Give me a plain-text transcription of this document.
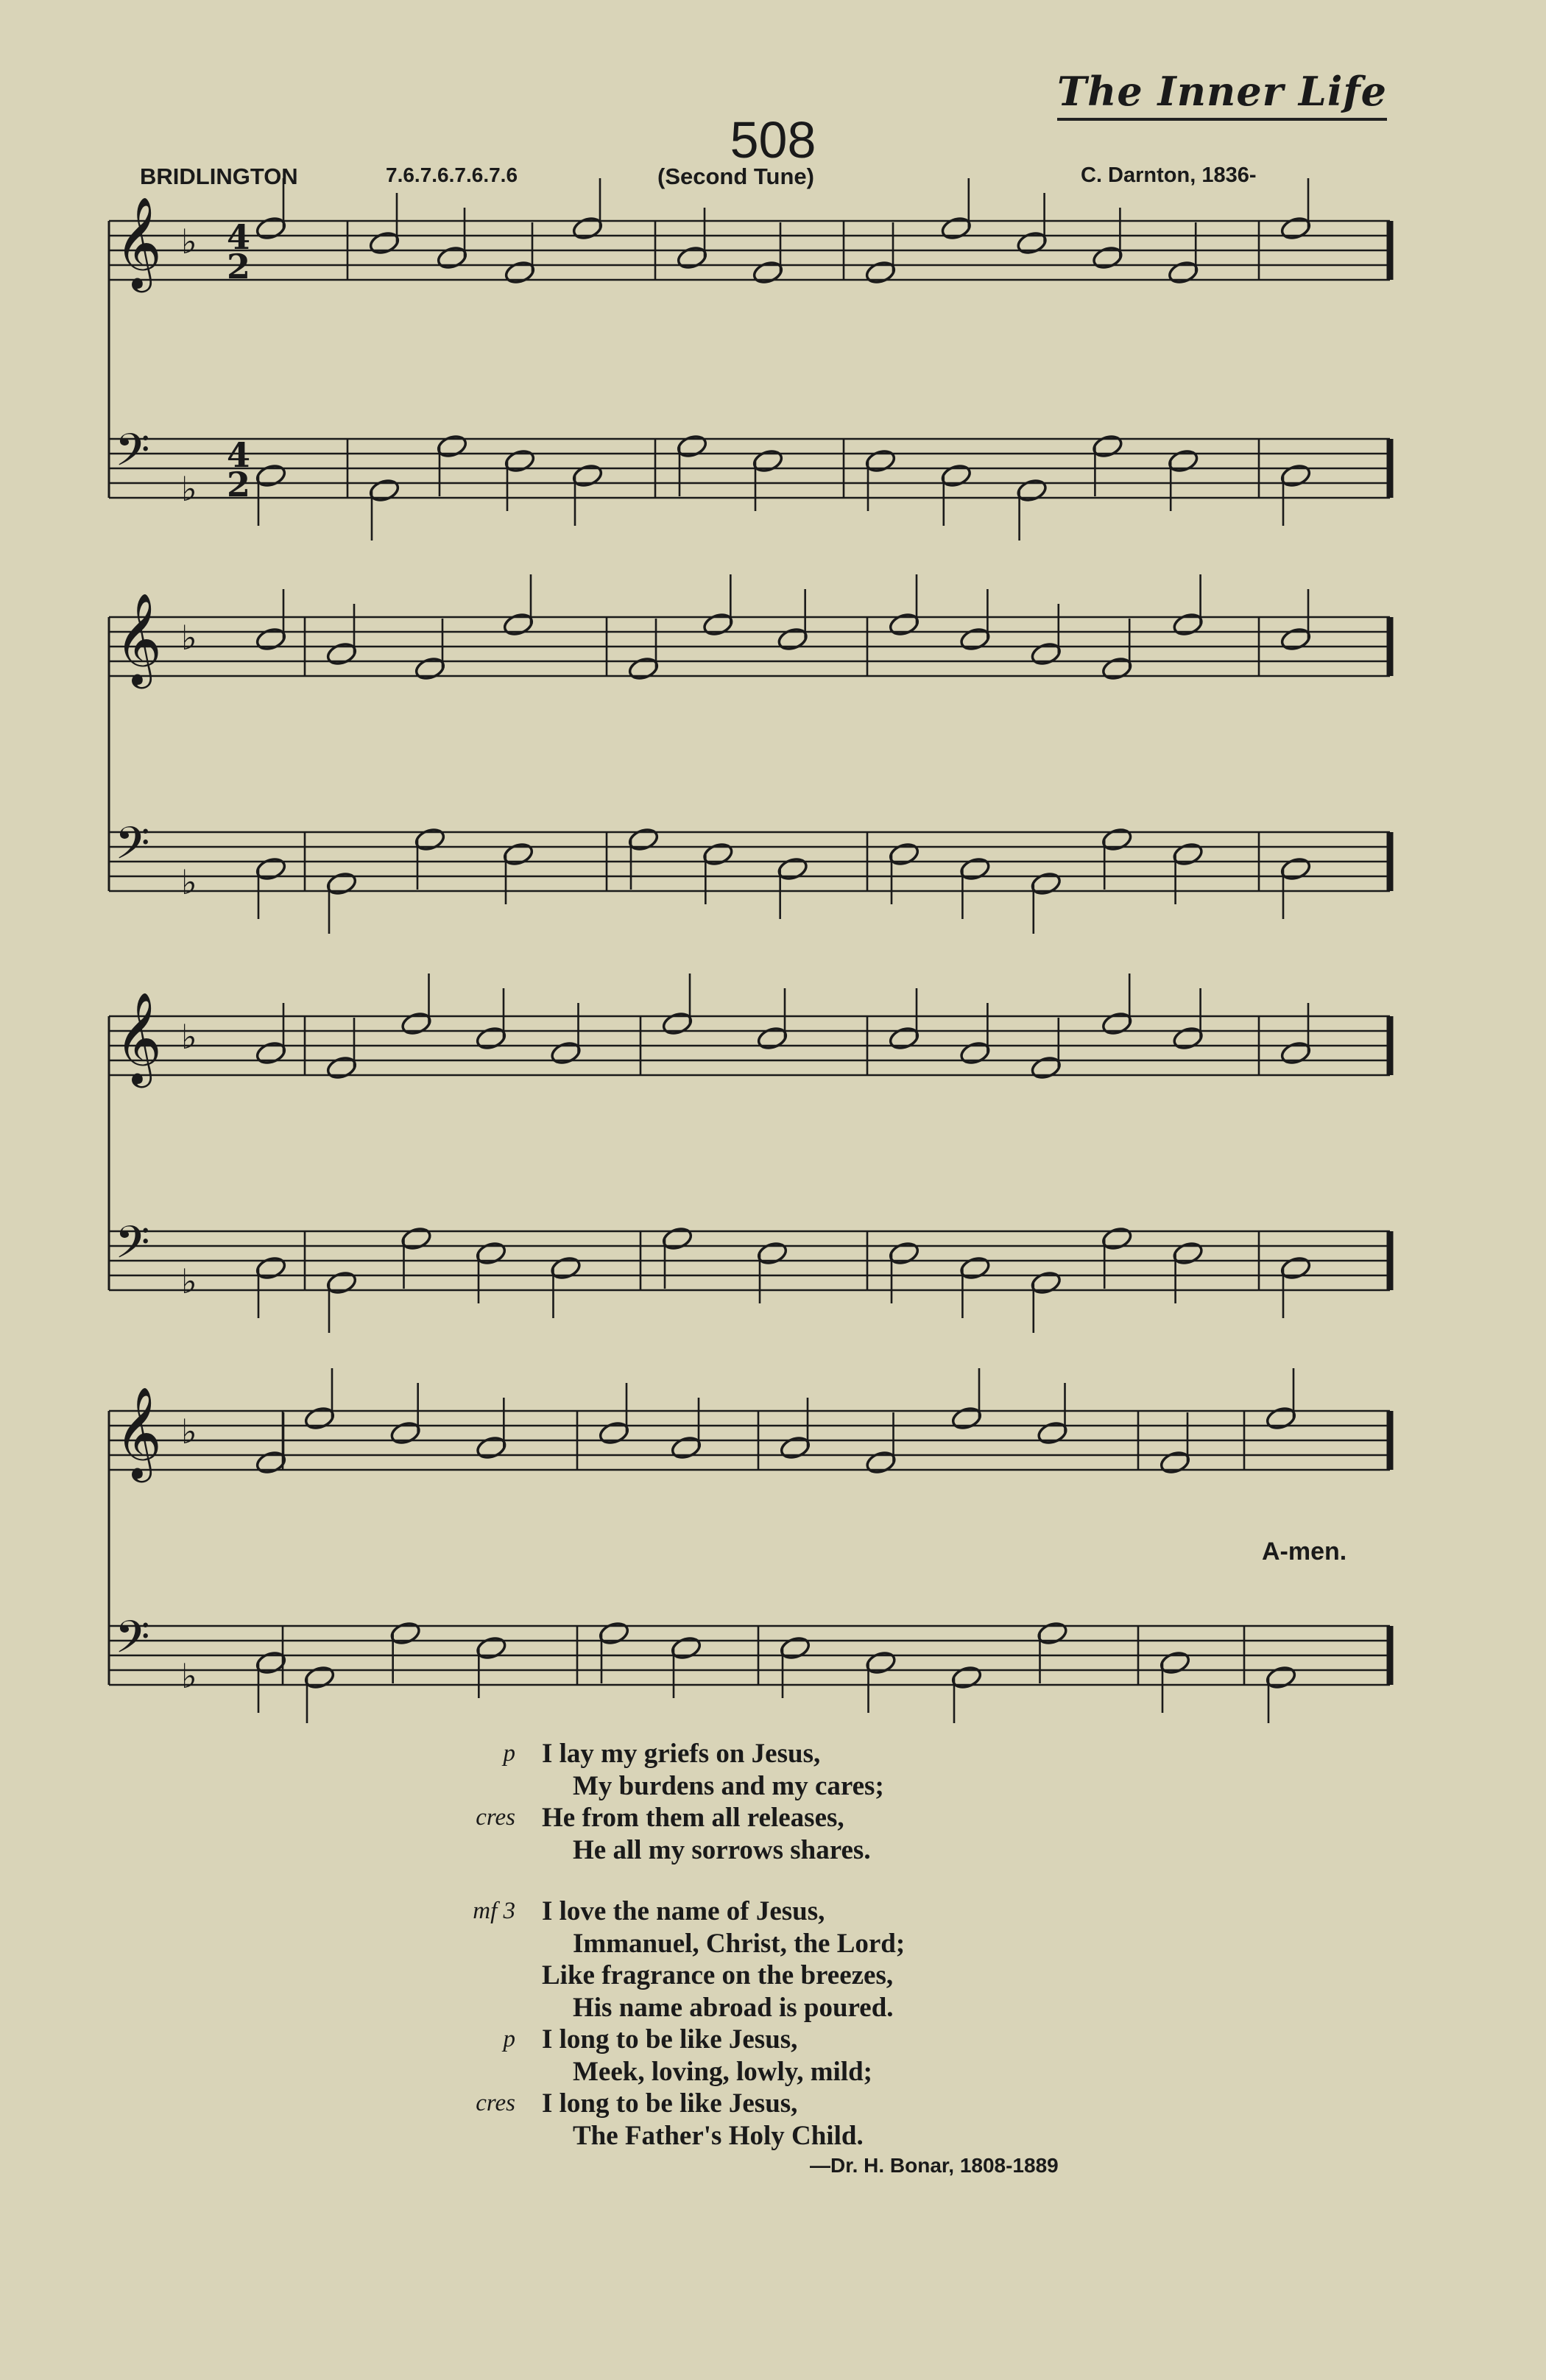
The Inner Life
508
BRIDLINGTON	7.6.7.6.7.6.7.6	(Second Tune)	C. Darnton, 1836-
𝄞 ♭
𝄢
♭
𝄞 ♭
𝄢
♭
𝄞 ♭
𝄢
♭
𝄞 ♭
𝄢
♭
4
2
4
2
A-men.
p I lay my griefs on Jesus,
My burdens and my cares;
cres He from them all releases,
He all my sorrows shares.
mf 3 I love the name of Jesus,
Immanuel, Christ, the Lord;
Like fragrance on the breezes,
His name abroad is poured.
p I long to be like Jesus,
Meek, loving, lowly, mild;
cres I long to be like Jesus,
The Father's Holy Child.
—Dr. H. Bonar, 1808-1889
